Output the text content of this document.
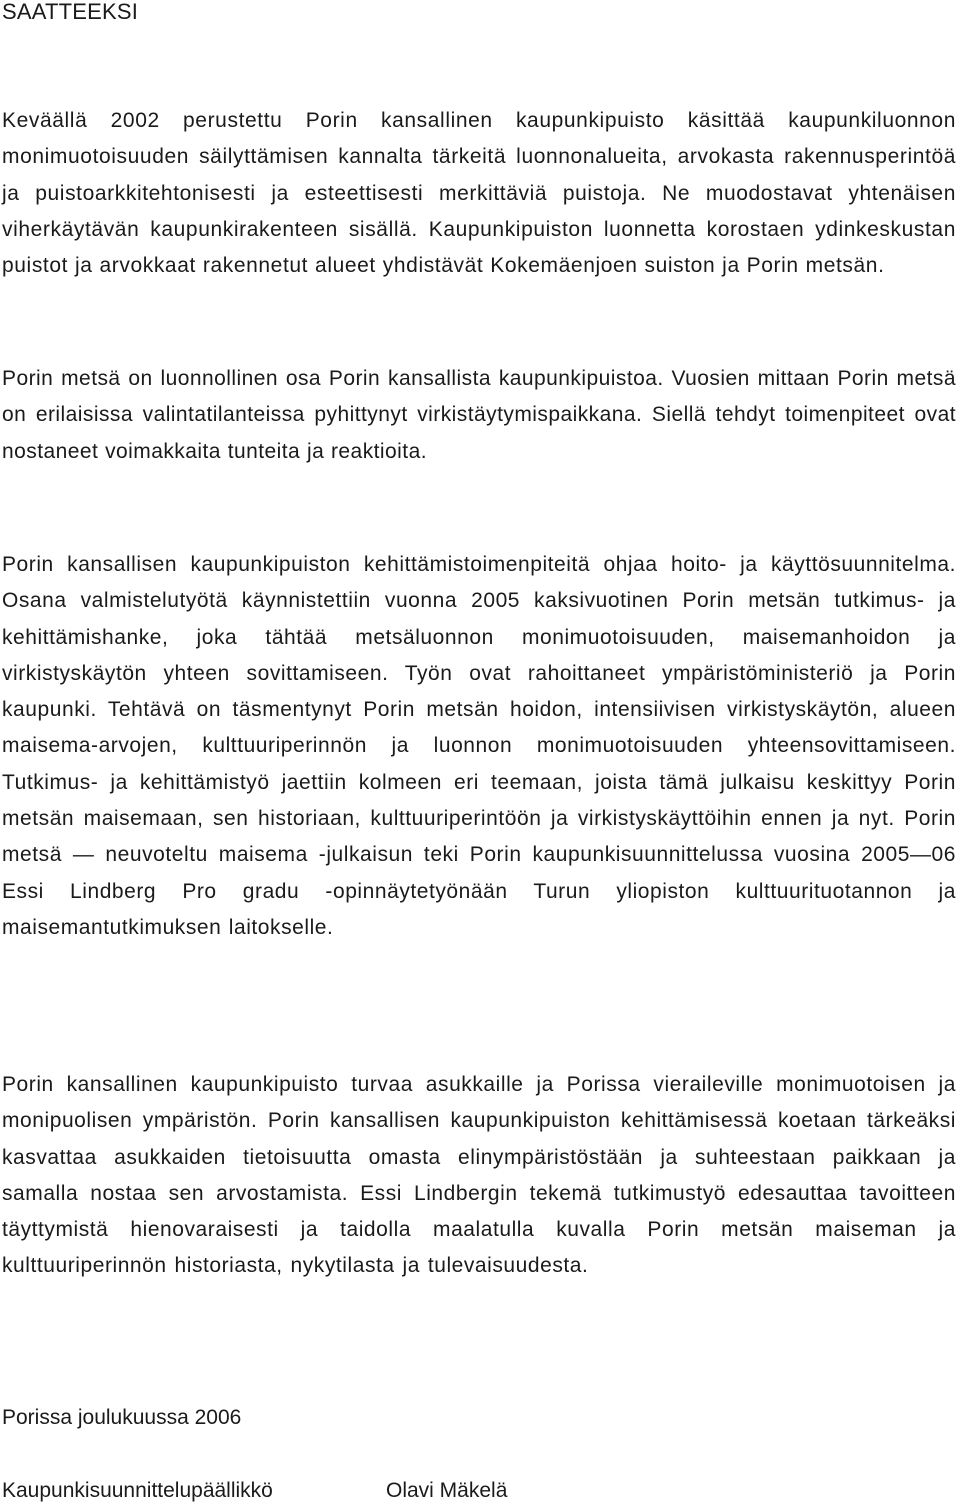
SAATTEEKSI

Keväällä 2002 perustettu Porin kansallinen kaupunkipuisto käsittää kaupunkiluonnon monimuotoisuuden säilyttämisen kannalta tärkeitä luonnonalueita, arvokasta rakennusperintöä ja puistoarkkitehtonisesti ja esteettisesti merkittäviä puistoja. Ne muodostavat yhtenäisen viherkäytävän kaupunkirakenteen sisällä. Kaupunkipuiston luonnetta korostaen ydinkeskustan puistot ja arvokkaat rakennetut alueet yhdistävät Kokemäenjoen suiston ja Porin metsän.

Porin metsä on luonnollinen osa Porin kansallista kaupunkipuistoa. Vuosien mittaan Porin metsä on erilaisissa valintatilanteissa pyhittynyt virkistäytymispaikkana. Siellä tehdyt toimenpiteet ovat nostaneet voimakkaita tunteita ja reaktioita.

Porin kansallisen kaupunkipuiston kehittämistoimenpiteitä ohjaa hoito- ja käyttösuunnitelma. Osana valmistelutyötä käynnistettiin vuonna 2005 kaksivuotinen Porin metsän tutkimus- ja kehittämishanke, joka tähtää metsäluonnon monimuotoisuuden, maisemanhoidon ja virkistyskäytön yhteen sovittamiseen. Työn ovat rahoittaneet ympäristöministeriö ja Porin kaupunki. Tehtävä on täsmentynyt Porin metsän hoidon, intensiivisen virkistyskäytön, alueen maisema-arvojen, kulttuuriperinnön ja luonnon monimuotoisuuden yhteensovittamiseen. Tutkimus- ja kehittämistyö jaettiin kolmeen eri teemaan, joista tämä julkaisu keskittyy Porin metsän maisemaan, sen historiaan, kulttuuriperintöön ja virkistyskäyttöihin ennen ja nyt. Porin metsä — neuvoteltu maisema -julkaisun teki Porin kaupunkisuunnittelussa vuosina 2005—06 Essi Lindberg Pro gradu -opinnäytetyönään Turun yliopiston kulttuurituotannon ja maisemantutkimuksen laitokselle.

Porin kansallinen kaupunkipuisto turvaa asukkaille ja Porissa vieraileville monimuotoisen ja monipuolisen ympäristön. Porin kansallisen kaupunkipuiston kehittämisessä koetaan tärkeäksi kasvattaa asukkaiden tietoisuutta omasta elinympäristöstään ja suhteestaan paikkaan ja samalla nostaa sen arvostamista. Essi Lindbergin tekemä tutkimustyö edesauttaa tavoitteen täyttymistä hienovaraisesti ja taidolla maalatulla kuvalla Porin metsän maiseman ja kulttuuriperinnön historiasta, nykytilasta ja tulevaisuudesta.

Porissa joulukuussa 2006

Kaupunkisuunnittelupäällikkö	Olavi Mäkelä
